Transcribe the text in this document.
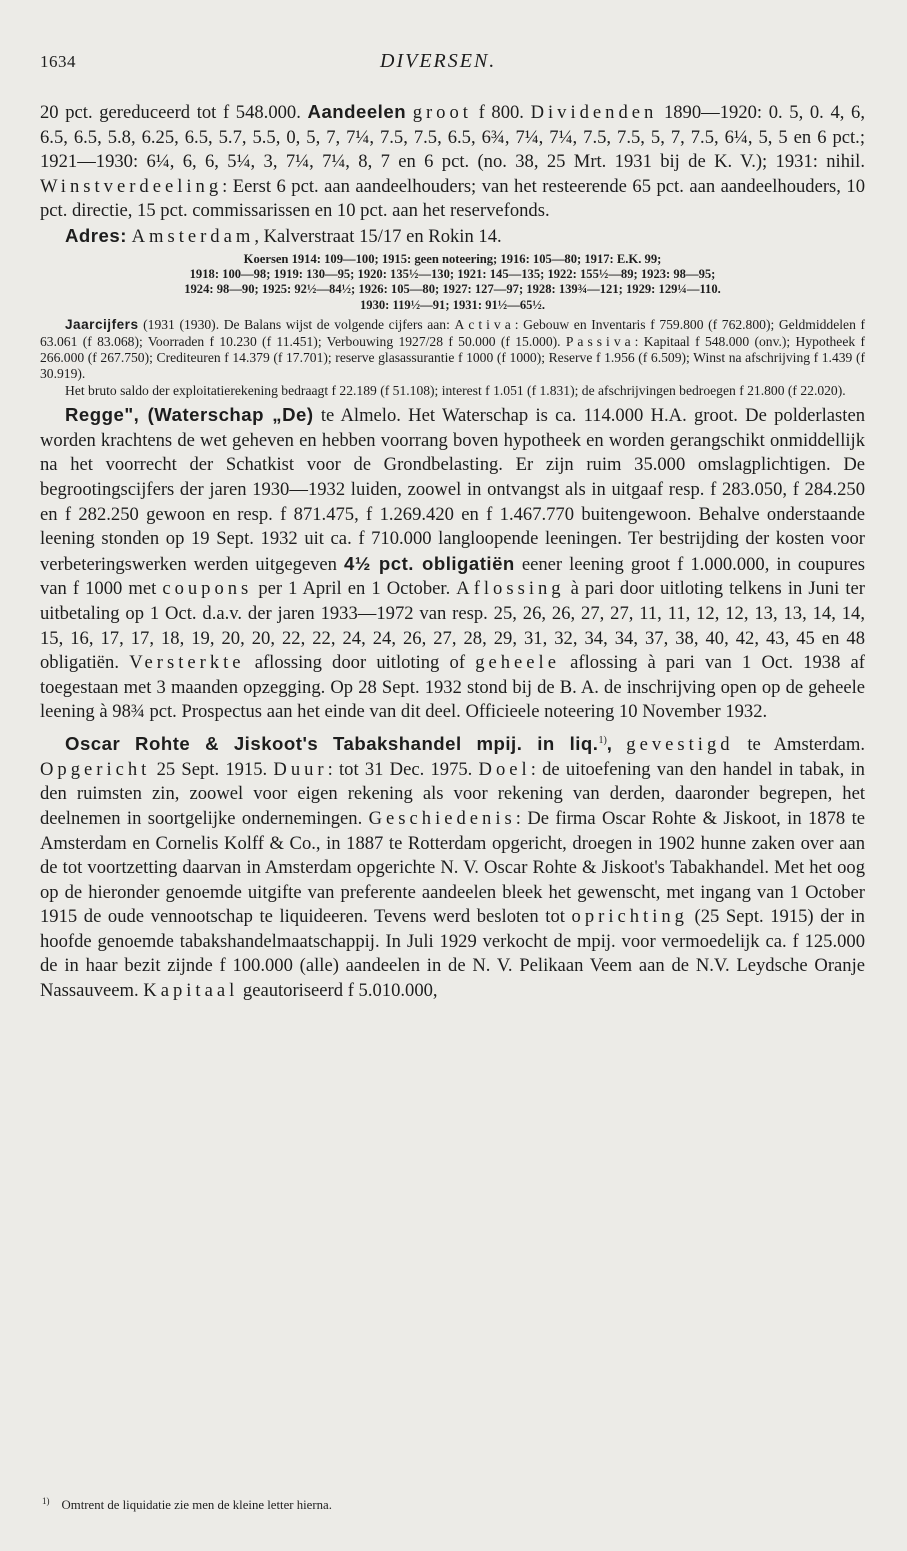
1634	DIVERSEN.

20 pct. gereduceerd tot f 548.000. Aandeelen groot f 800. Dividenden 1890—1920: 0. 5, 0. 4, 6, 6.5, 6.5, 5.8, 6.25, 6.5, 5.7, 5.5, 0, 5, 7, 7¼, 7.5, 7.5, 6.5, 6¾, 7¼, 7¼, 7.5, 7.5, 5, 7, 7.5, 6¼, 5, 5 en 6 pct.; 1921—1930: 6¼, 6, 6, 5¼, 3, 7¼, 7¼, 8, 7 en 6 pct. (no. 38, 25 Mrt. 1931 bij de K. V.); 1931: nihil. Winstverdeeling: Eerst 6 pct. aan aandeelhouders; van het resteerende 65 pct. aan aandeelhouders, 10 pct. directie, 15 pct. commissarissen en 10 pct. aan het reservefonds.

Adres: Amsterdam, Kalverstraat 15/17 en Rokin 14.

Koersen 1914: 109—100; 1915: geen noteering; 1916: 105—80; 1917: E.K. 99;
1918: 100—98; 1919: 130—95; 1920: 135½—130; 1921: 145—135; 1922: 155½—89; 1923: 98—95;
1924: 98—90; 1925: 92½—84½; 1926: 105—80; 1927: 127—97; 1928: 139¾—121; 1929: 129¼—110.
1930: 119½—91; 1931: 91½—65½.

Jaarcijfers (1931 (1930). De Balans wijst de volgende cijfers aan: Activa: Gebouw en Inventaris f 759.800 (f 762.800); Geldmiddelen f 63.061 (f 83.068); Voorraden f 10.230 (f 11.451); Verbouwing 1927/28 f 50.000 (f 15.000). Passiva: Kapitaal f 548.000 (onv.); Hypotheek f 266.000 (f 267.750); Crediteuren f 14.379 (f 17.701); reserve glasassurantie f 1000 (f 1000); Reserve f 1.956 (f 6.509); Winst na afschrijving f 1.439 (f 30.919).

Het bruto saldo der exploitatierekening bedraagt f 22.189 (f 51.108); interest f 1.051 (f 1.831); de afschrijvingen bedroegen f 21.800 (f 22.020).

Regge", (Waterschap „De) te Almelo. Het Waterschap is ca. 114.000 H.A. groot. De polderlasten worden krachtens de wet geheven en hebben voorrang boven hypotheek en worden gerangschikt onmiddellijk na het voorrecht der Schatkist voor de Grondbelasting. Er zijn ruim 35.000 omslagplichtigen. De begrootingscijfers der jaren 1930—1932 luiden, zoowel in ontvangst als in uitgaaf resp. f 283.050, f 284.250 en f 282.250 gewoon en resp. f 871.475, f 1.269.420 en f 1.467.770 buitengewoon. Behalve onderstaande leening stonden op 19 Sept. 1932 uit ca. f 710.000 langloopende leeningen. Ter bestrijding der kosten voor verbeteringswerken werden uitgegeven 4½ pct. obligatiën eener leening groot f 1.000.000, in coupures van f 1000 met coupons per 1 April en 1 October. Aflossing à pari door uitloting telkens in Juni ter uitbetaling op 1 Oct. d.a.v. der jaren 1933—1972 van resp. 25, 26, 26, 27, 27, 11, 11, 12, 12, 13, 13, 14, 14, 15, 16, 17, 17, 18, 19, 20, 20, 22, 22, 24, 24, 26, 27, 28, 29, 31, 32, 34, 34, 37, 38, 40, 42, 43, 45 en 48 obligatiën. Versterkte aflossing door uitloting of geheele aflossing à pari van 1 Oct. 1938 af toegestaan met 3 maanden opzegging. Op 28 Sept. 1932 stond bij de B. A. de inschrijving open op de geheele leening à 98¾ pct. Prospectus aan het einde van dit deel. Officieele noteering 10 November 1932.

Oscar Rohte & Jiskoot's Tabakshandel mpij. in liq.$^{1)}$, gevestigd te Amsterdam. Opgericht 25 Sept. 1915. Duur: tot 31 Dec. 1975. Doel: de uitoefening van den handel in tabak, in den ruimsten zin, zoowel voor eigen rekening als voor rekening van derden, daaronder begrepen, het deelnemen in soortgelijke ondernemingen. Geschiedenis: De firma Oscar Rohte & Jiskoot, in 1878 te Amsterdam en Cornelis Kolff & Co., in 1887 te Rotterdam opgericht, droegen in 1902 hunne zaken over aan de tot voortzetting daarvan in Amsterdam opgerichte N. V. Oscar Rohte & Jiskoot's Tabakhandel. Met het oog op de hieronder genoemde uitgifte van preferente aandeelen bleek het gewenscht, met ingang van 1 October 1915 de oude vennootschap te liquideeren. Tevens werd besloten tot oprichting (25 Sept. 1915) der in hoofde genoemde tabakshandelmaatschappij. In Juli 1929 verkocht de mpij. voor vermoedelijk ca. f 125.000 de in haar bezit zijnde f 100.000 (alle) aandeelen in de N. V. Pelikaan Veem aan de N.V. Leydsche Oranje Nassauveem. Kapitaal geautoriseerd f 5.010.000,

$^{1)}$ Omtrent de liquidatie zie men de kleine letter hierna.
